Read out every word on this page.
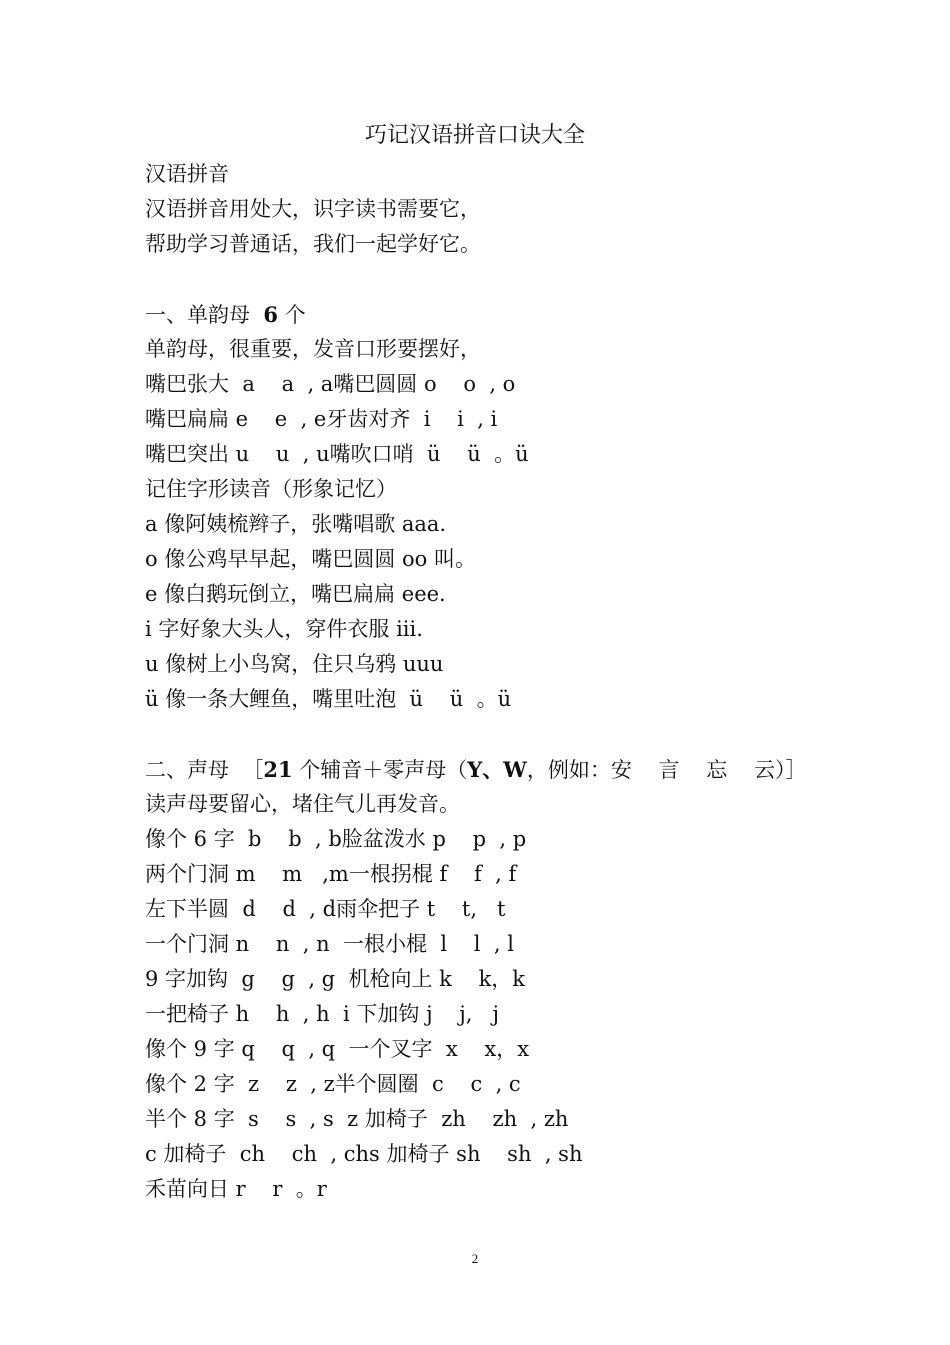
巧记汉语拼音口诀大全
汉语拼音
汉语拼音用处大，识字读书需要它，
帮助学习普通话，我们一起学好它。
一、单韵母  6 个
单韵母，很重要，发音口形要摆好，
嘴巴张大  a    a  , a嘴巴圆圆 o    o  , o
嘴巴扁扁 e    e  , e牙齿对齐  i    i  , i
嘴巴突出 u    u  , u嘴吹口哨  ü    ü  。ü
记住字形读音（形象记忆）
a 像阿姨梳辫子，张嘴唱歌 aaa.
o 像公鸡早早起，嘴巴圆圆 oo 叫。
e 像白鹅玩倒立，嘴巴扁扁 eee.
i 字好象大头人，穿件衣服 iii.
u 像树上小鸟窝，住只乌鸦 uuu
ü 像一条大鲤鱼，嘴里吐泡  ü    ü  。ü
二、声母  ［21 个辅音＋零声母（Y、W，例如：安    言    忘    云）］
读声母要留心，堵住气儿再发音。
像个 6 字  b    b  , b脸盆泼水 p    p  , p
两个门洞 m    m   ,m一根拐棍 f    f  , f
左下半圆  d    d  , d雨伞把子 t    t,   t
一个门洞 n    n  , n  一根小棍  l    l  , l
9 字加钩  g    g  , g  机枪向上 k    k，k
一把椅子 h    h  , h  i 下加钩 j    j,   j
像个 9 字 q    q  , q  一个叉字  x    x，x
像个 2 字  z    z  , z半个圆圈  c    c  , c
半个 8 字  s    s  , s  z 加椅子  zh    zh  , zh
c 加椅子  ch    ch  , chs 加椅子 sh    sh  , sh
禾苗向日 r    r  。r
2
